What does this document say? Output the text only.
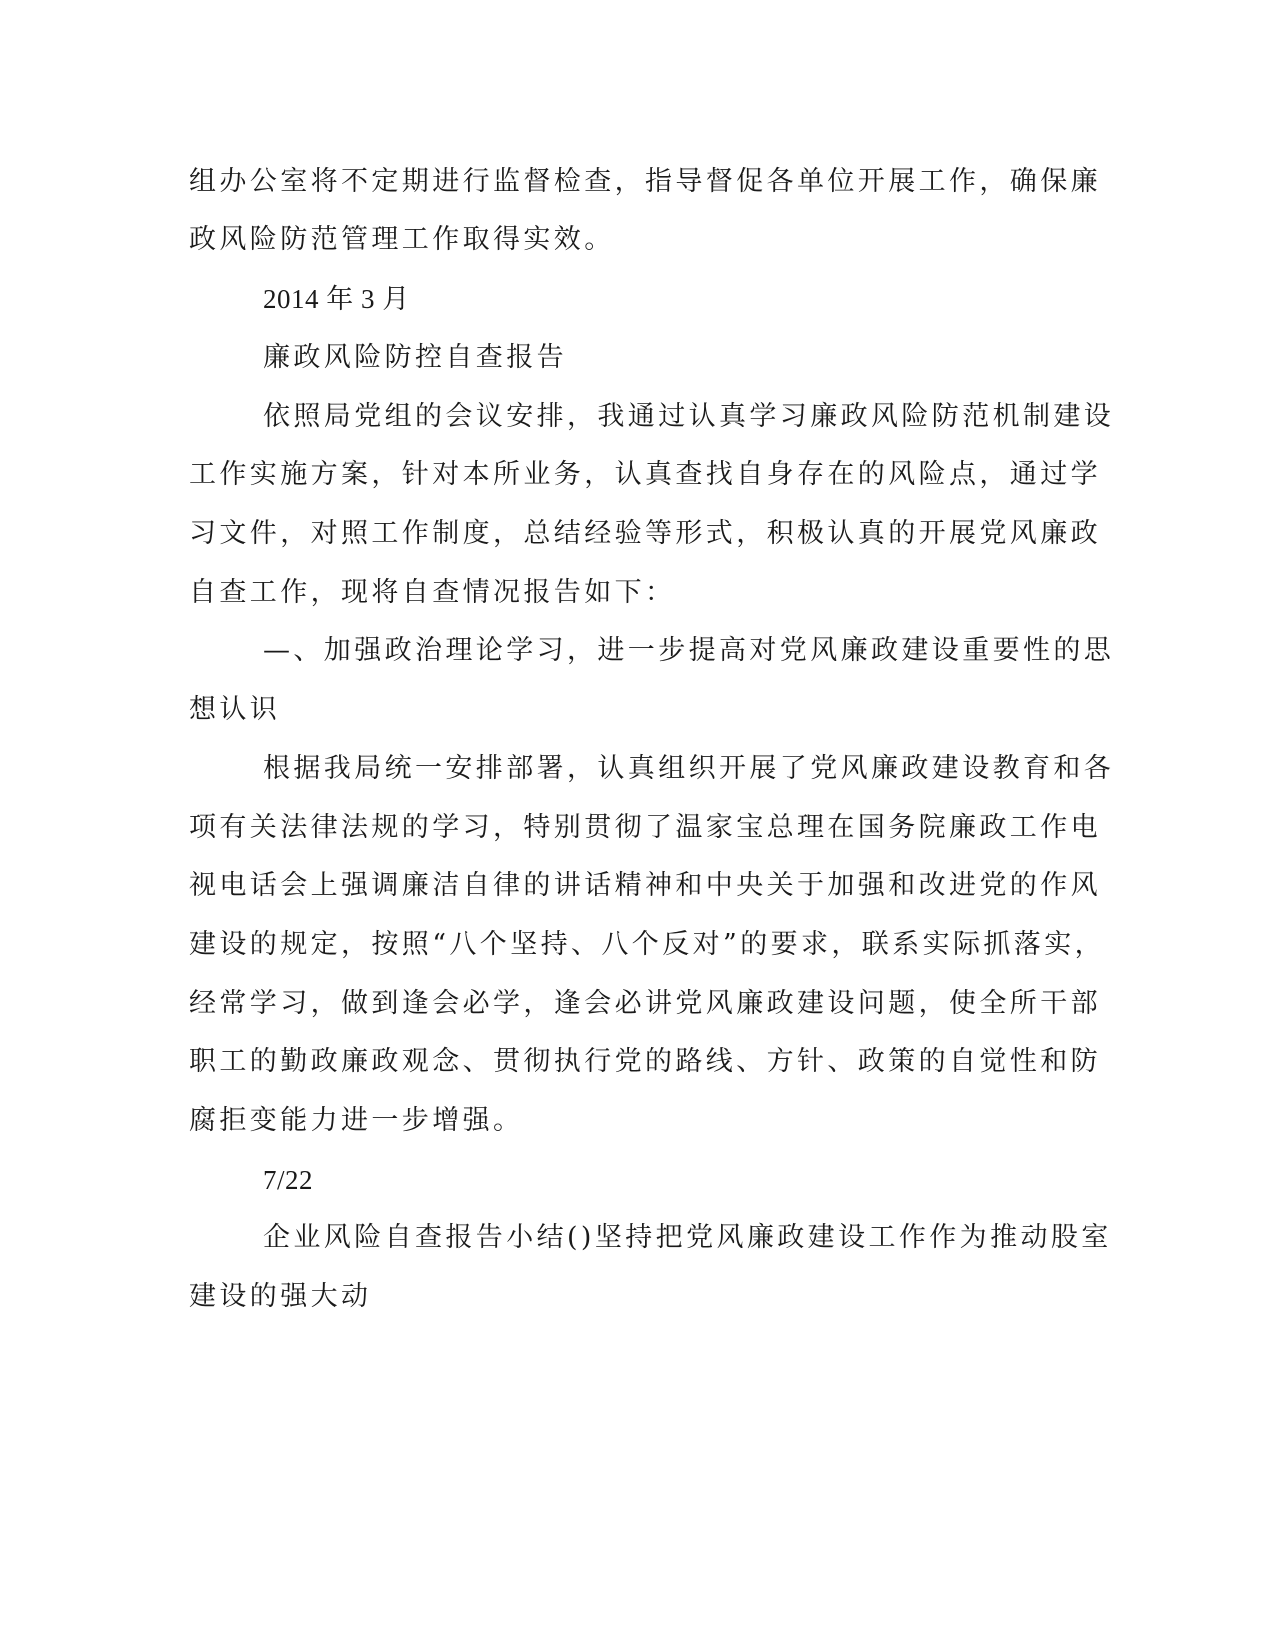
组办公室将不定期进行监督检查，指导督促各单位开展工作，确保廉

政风险防范管理工作取得实效。

2014 年 3 月

廉政风险防控自查报告

依照局党组的会议安排，我通过认真学习廉政风险防范机制建设

工作实施方案，针对本所业务，认真查找自身存在的风险点，通过学

习文件，对照工作制度，总结经验等形式，积极认真的开展党风廉政

自查工作，现将自查情况报告如下：

—、加强政治理论学习，进一步提高对党风廉政建设重要性的思

想认识

根据我局统一安排部署，认真组织开展了党风廉政建设教育和各

项有关法律法规的学习，特别贯彻了温家宝总理在国务院廉政工作电

视电话会上强调廉洁自律的讲话精神和中央关于加强和改进党的作风

建设的规定，按照“八个坚持、八个反对”的要求，联系实际抓落实，

经常学习，做到逢会必学，逢会必讲党风廉政建设问题，使全所干部

职工的勤政廉政观念、贯彻执行党的路线、方针、政策的自觉性和防

腐拒变能力进一步增强。

7/22

企业风险自查报告小结()坚持把党风廉政建设工作作为推动股室

建设的强大动
